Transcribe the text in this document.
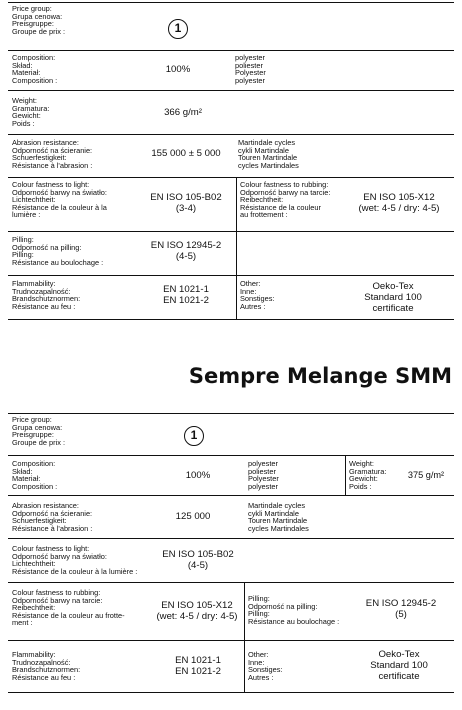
Price group:
Grupa cenowa:
Preisgruppe:
Groupe de prix :	1
Composition:
Skład:
Materiał:
Composition :
100%
polyester
poliester
Polyester
polyester
Weight:
Gramatura:
Gewicht:
Poids :
366 g/m²
Abrasion resistance:
Odporność na ścieranie:
Schuerfestigkeit:
Résistance à l'abrasion :
155 000 ± 5 000
Martindale cycles
cykli Martindale
Touren Martindale
cycles Martindales
Colour fastness to light:
Odporność barwy na światło:
Lichtechtheit:
Résistance de la couleur à la
lumière :
EN ISO 105-B02
(3-4)
Colour fastness to rubbing:
Odporność barwy na tarcie:
Reibechtheit:
Résistance de la couleur
au frottement :
EN ISO 105-X12
(wet: 4-5 / dry: 4-5)
Pilling:
Odporność na pilling:
Pilling:
Résistance au boulochage :
EN ISO 12945-2
(4-5)
Flammability:
Trudnozapalność:
Brandschutznormen:
Résistance au feu :
EN 1021-1
EN 1021-2
Other:
Inne:
Sonstiges:
Autres :
Oeko-Tex
Standard 100
certificate
Sempre Melange SMM
Price group:
Grupa cenowa:
Preisgruppe:
Groupe de prix :
1
Composition:
Skład:
Materiał:
Composition :
100%
polyester
poliester
Polyester
polyester
Weight:
Gramatura:
Gewicht:
Poids :
375 g/m²
Abrasion resistance:
Odporność na ścieranie:
Schuerfestigkeit:
Résistance à l'abrasion :
125 000
Martindale cycles
cykli Martindale
Touren Martindale
cycles Martindales
Colour fastness to light:
Odporność barwy na światło:
Lichtechtheit:
Résistance de la couleur à la lumière :
EN ISO 105-B02
(4-5)
Colour fastness to rubbing:
Odporność barwy na tarcie:
Reibechtheit:
Résistance de la couleur au frotte-
ment :
EN ISO 105-X12
(wet: 4-5 / dry: 4-5)
Pilling:
Odporność na pilling:
Pilling:
Résistance au boulochage :
EN ISO 12945-2
(5)
Flammability:
Trudnozapalność:
Brandschutznormen:
Résistance au feu :
EN 1021-1
EN 1021-2
Other:
Inne:
Sonstiges:
Autres :
Oeko-Tex
Standard 100
certificate
